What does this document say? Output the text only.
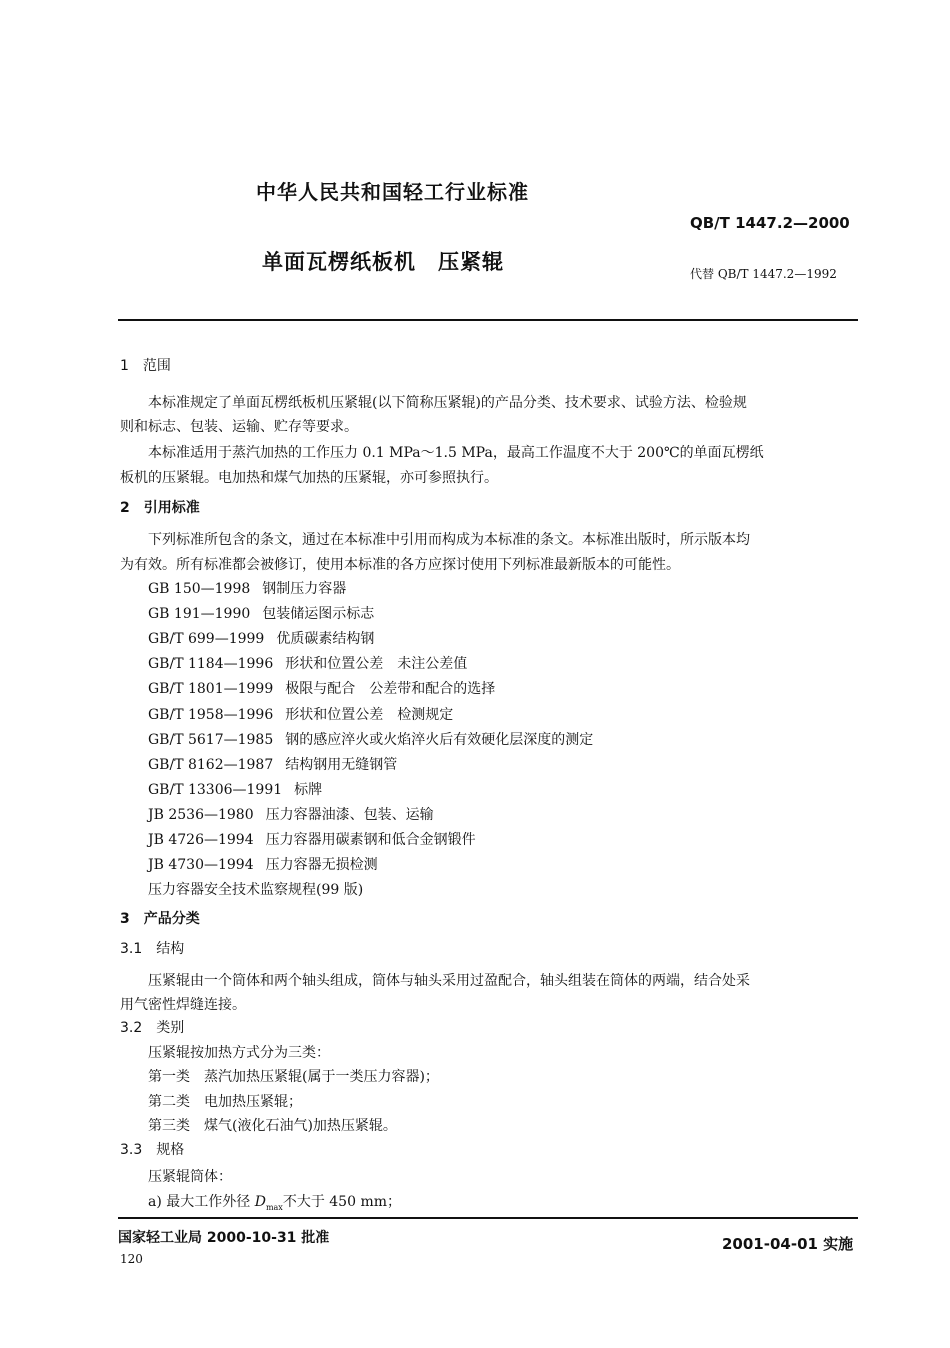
中华人民共和国轻工行业标准
QB/T 1447.2—2000
单面瓦楞纸板机　压紧辊	代替 QB/T 1447.2—1992
1　范围
本标准规定了单面瓦楞纸板机压紧辊(以下简称压紧辊)的产品分类、技术要求、试验方法、检验规
则和标志、包装、运输、贮存等要求。
本标准适用于蒸汽加热的工作压力 0.1 MPa～1.5 MPa，最高工作温度不大于 200℃的单面瓦楞纸
板机的压紧辊。电加热和煤气加热的压紧辊，亦可参照执行。
2　引用标准
下列标准所包含的条文，通过在本标准中引用而构成为本标准的条文。本标准出版时，所示版本均
为有效。所有标准都会被修订，使用本标准的各方应探讨使用下列标准最新版本的可能性。
GB 150—1998 钢制压力容器
GB 191—1990 包装储运图示标志
GB/T 699—1999 优质碳素结构钢
GB/T 1184—1996 形状和位置公差　未注公差值
GB/T 1801—1999 极限与配合　公差带和配合的选择
GB/T 1958—1996 形状和位置公差　检测规定
GB/T 5617—1985 钢的感应淬火或火焰淬火后有效硬化层深度的测定
GB/T 8162—1987 结构钢用无缝钢管
GB/T 13306—1991 标牌
JB 2536—1980 压力容器油漆、包装、运输
JB 4726—1994 压力容器用碳素钢和低合金钢锻件
JB 4730—1994 压力容器无损检测
压力容器安全技术监察规程(99 版)
3　产品分类
3.1　结构
压紧辊由一个筒体和两个轴头组成，筒体与轴头采用过盈配合，轴头组装在筒体的两端，结合处采
用气密性焊缝连接。
3.2　类别
压紧辊按加热方式分为三类：
第一类 蒸汽加热压紧辊(属于一类压力容器)；
第二类 电加热压紧辊；
第三类 煤气(液化石油气)加热压紧辊。
3.3　规格
压紧辊筒体：
a) 最大工作外径 $D_{max}$不大于 450 mm；
国家轻工业局 2000-10-31 批准	2001-04-01 实施
120
